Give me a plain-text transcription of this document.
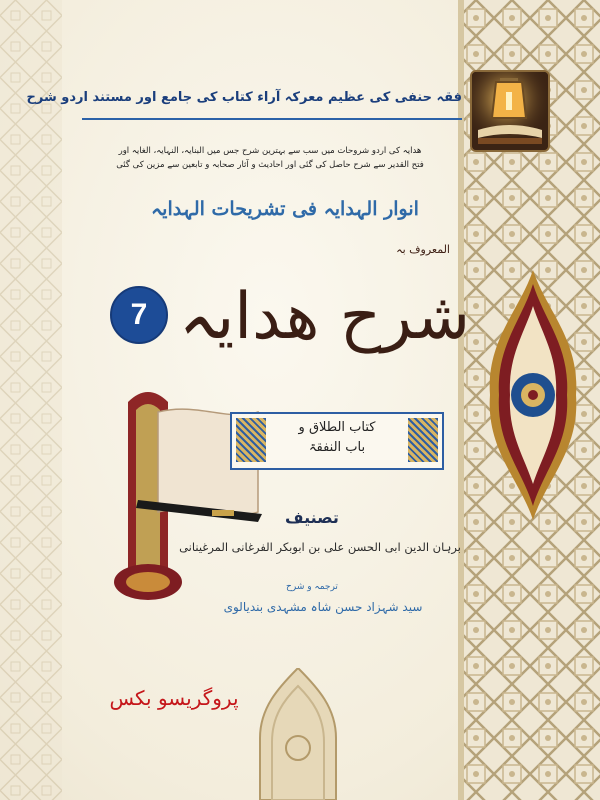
فقہ حنفی کی عظیم معرکہ آراء کتاب کی جامع اور مستند اردو شرح
ھدایہ کی اردو شروحات میں سب سے بہترین شرح جس میں البنایہ، النہایہ، الغایہ اور
فتح القدیر سے شرح حاصل کی گئی اور احادیث و آثار صحابہ و تابعین سے مزین کی گئی
انوار الہدایہ فی تشریحات الہدایہ
المعروف بہ
7 شرح ھدایہ
کتاب الطلاق و
باب النفقۃ
تصنیف
برہان الدین ابی الحسن علی بن ابوبکر الفرغانی المرغینانی
ترجمہ و شرح
سید شہزاد حسن شاہ مشہدی بندیالوی
پروگریسو بکس
